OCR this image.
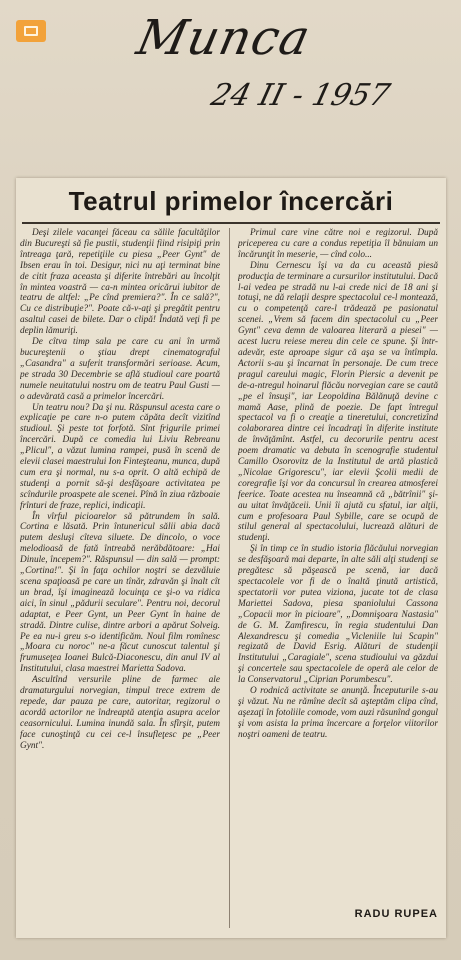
Munca
24 II - 1957
Teatrul primelor încercări

Deşi zilele vacanţei făceau ca sălile facultăţilor din Bucureşti să fie pustii, studenţii fiind risipiţi prin întreaga ţară, repetiţiile cu piesa „Peer Gynt" de Ibsen erau în toi. Desigur, nici nu aţi terminat bine de citit fraza aceasta şi diferite întrebări au încolţit în mintea voastră — ca-n mintea oricărui iubitor de teatru de altfel: „Pe cînd premiera?". În ce sală?", Cu ce distribuţie?". Poate că-v-aţi şi pregătit pentru asaltul casei de bilete. Dar o clipă! Îndată veţi fi pe deplin lămuriţi.

De cîtva timp sala pe care cu ani în urmă bucureştenii o ştiau drept cinematograful „Casandra" a suferit transformări serioase. Acum, pe strada 30 Decembrie se află studioul care poartă numele neuitatului nostru om de teatru Paul Gusti — o adevărată casă a primelor încercări.

Un teatru nou? Da şi nu. Răspunsul acesta care o explicaţie pe care n-o putem căpăta decît vizitînd studioul. Şi peste tot forfotă. Sînt frigurile primei încercări. După ce comedia lui Liviu Rebreanu „Plicul", a văzut lumina rampei, pusă în scenă de elevii clasei maestrului Ion Finteşteanu, munca, după cum era şi normal, nu s-a oprit. O altă echipă de studenţi a pornit să-şi desfăşoare activitatea pe scîndurile proaspete ale scenei. Pînă în ziua războaie frînturi de fraze, replici, indicaţii.

În vîrful picioarelor să pătrundem în sală. Cortina e lăsată. Prin întunericul sălii abia dacă putem desluşi cîteva siluete. De dincolo, o voce melodioasă de fată întreabă nerăbdătoare: „Hai Dinule, începem?". Răspunsul — din sală — prompt: „Cortina!". Şi în faţa ochilor noştri se dezvăluie scena spaţioasă pe care un tînăr, zdravăn şi înalt cît un brad, îşi imaginează locuinţa ce şi-o va ridica aici, în sinul „pădurii seculare". Pentru noi, decorul adaptat, e Peer Gynt, un Peer Gynt în haine de stradă. Dintre culise, dintre arbori a apărut Solveig. Pe ea nu-i greu s-o identificăm. Noul film romînesc „Moara cu noroc" ne-a făcut cunoscut talentul şi frumuseţea Ioanei Bulcă-Diaconescu, din anul IV al Institutului, clasa maestrei Marietta Sadova.

Ascultînd versurile pline de farmec ale dramaturgului norvegian, timpul trece extrem de repede, dar pauza pe care, autoritar, regizorul o acordă actorilor ne îndreaptă atenţia asupra acelor ceasornicului. Lumina inundă sala. În sfîrşit, putem face cunoştinţă cu cei ce-l însufleţesc pe „Peer Gynt".

Primul care vine către noi e regizorul. După priceperea cu care a condus repetiţia îl bănuiam un încărunţit în meserie, — cînd colo...

Dinu Cernescu îşi va da cu această piesă producţia de terminare a cursurilor institutului. Dacă l-ai vedea pe stradă nu l-ai crede nici de 18 ani şi totuşi, ne dă relaţii despre spectacolul ce-l montează, cu o competenţă care-l trădează pe pasionatul scenei. „Vrem să facem din spectacolul cu „Peer Gynt" ceva demn de valoarea literară a piesei" — acest lucru reiese mereu din cele ce spune. Şi într-adevăr, este aproape sigur că aşa se va întîmpla. Actorii s-au şi încarnat în personaje. De cum trece pragul careului magic, Florin Piersic a devenit pe de-a-ntregul hoinarul flăcău norvegian care se caută „pe el însuşi", iar Leopoldina Bălănuţă devine c mamă Aase, plină de poezie. De fapt întregul spectacol va fi o creaţie a tineretului, concretizînd colaborarea dintre cei încadraţi în diferite institute de învăţămînt. Astfel, cu decorurile pentru acest poem dramatic va debuta în scenografie studentul Camillo Osorovitz de la Institutul de artă plastică „Nicolae Grigorescu", iar elevii Şcolii medii de coregrafie îşi vor da concursul în crearea atmosferei feerice. Toate acestea nu înseamnă că „bătrînii" şi-au uitat învăţăceii. Unii îi ajută cu sfatul, iar alţii, cum e profesoara Paul Sybille, care se ocupă de stilul general al spectacolului, lucrează alături de studenţi.

Şi în timp ce în studio istoria flăcăului norvegian se desfăşoară mai departe, în alte săli alţi studenţi se pregătesc să păşească pe scenă, iar dacă spectacolele vor fi de o înaltă ţinută artistică, spectatorii vor putea viziona, jucate tot de clasa Mariettei Sadova, piesa spaniolului Cassona „Copacii mor în picioare", „Domnişoara Nastasia" de G. M. Zamfirescu, în regia studentului Dan Alexandrescu şi comedia „Vicleniile lui Scapin" regizată de David Esrig. Alături de studenţii Institutului „Caragiale", scena studioului va găzdui şi concertele sau spectacolele de operă ale celor de la Conservatorul „Ciprian Porumbescu".

O rodnică activitate se anunţă. Începuturile s-au şi văzut. Nu ne rămîne decît să aşteptăm clipa cînd, aşezaţi în fotoliile comode, vom auzi răsunînd gongul şi vom asista la prima încercare a forţelor viitorilor noştri oameni de teatru.

RADU RUPEA
